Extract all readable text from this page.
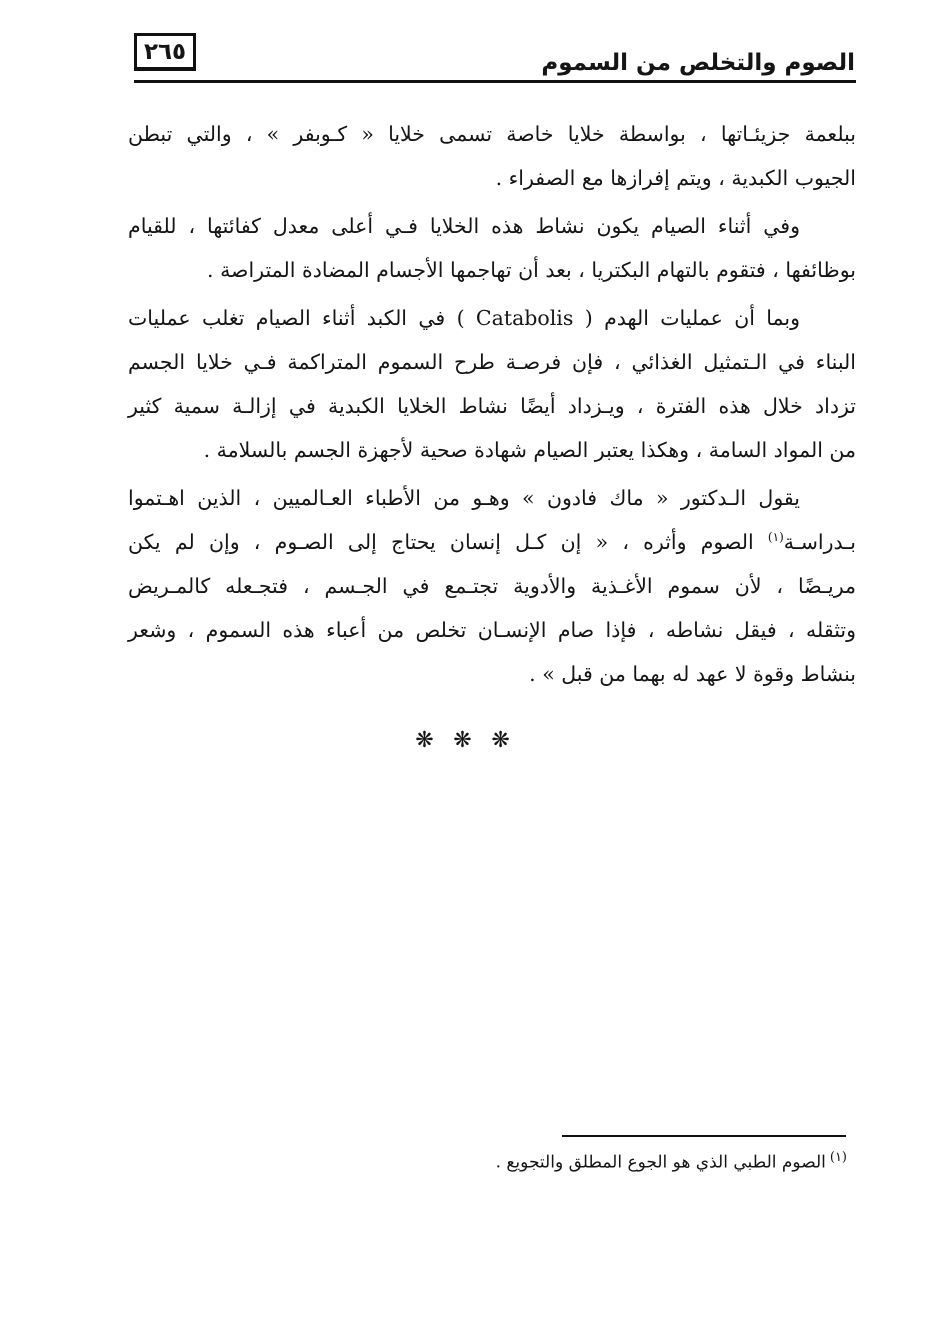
٢٦٥	الصوم والتخلص من السموم
ببلعمة جزيئـاتها ، بواسطة خلايا خاصة تسمى خلايا « كـوبفر » ، والتي تبطن
الجيوب الكبدية ، ويتم إفرازها مع الصفراء .
وفي أثناء الصيام يكون نشاط هذه الخلايا فـي أعلى معدل كفائتها ، للقيام
بوظائفها ، فتقوم بالتهام البكتريا ، بعد أن تهاجمها الأجسام المضادة المتراصة .
وبما أن عمليات الهدم ( Catabolis ) في الكبد أثناء الصيام تغلب عمليات
البناء في الـتمثيل الغذائي ، فإن فرصـة طرح السموم المتراكمة فـي خلايا الجسم
تزداد خلال هذه الفترة ، ويـزداد أيضًا نشاط الخلايا الكبدية في إزالـة سمية كثير
من المواد السامة ، وهكذا يعتبر الصيام شهادة صحية لأجهزة الجسم بالسلامة .
يقول الـدكتور « ماك فادون » وهـو من الأطباء العـالميين ، الذين اهـتموا
بـدراسـة$^{(١)}$ الصوم وأثره ، « إن كـل إنسان يحتاج إلى الصـوم ، وإن لم يكن
مريـضًا ، لأن سموم الأغـذية والأدوية تجتـمع في الجـسم ، فتجـعله كالمـريض
وتثقله ، فيقل نشاطه ، فإذا صام الإنسـان تخلص من أعباء هذه السموم ، وشعر
بنشاط وقوة لا عهد له بهما من قبل » .
❋ ❋ ❋
$^{(١)}$الصوم الطبي الذي هو الجوع المطلق والتجويع .
